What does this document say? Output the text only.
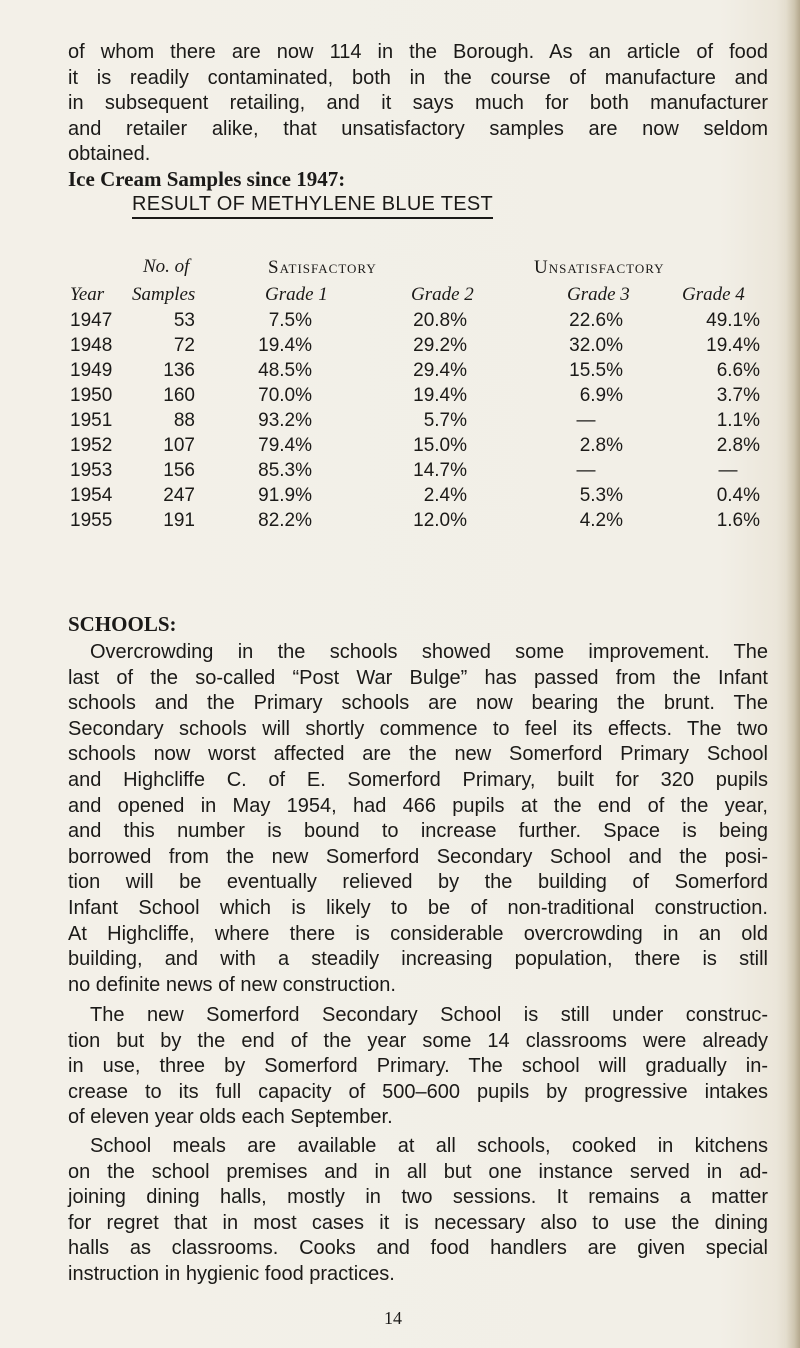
of whom there are now 114 in the Borough. As an article of food
it is readily contaminated, both in the course of manufacture and
in subsequent retailing, and it says much for both manufacturer
and retailer alike, that unsatisfactory samples are now seldom
obtained.
Ice Cream Samples since 1947:
RESULT OF METHYLENE BLUE TEST
No. of	Satisfactory	Unsatisfactory
Year Samples	Grade 1	Grade 2	Grade 3	Grade 4
1947	53	7.5%	20.8%	22.6%	49.1%
1948	72	19.4%	29.2%	32.0%	19.4%
1949	136	48.5%	29.4%	15.5%	6.6%
1950	160	70.0%	19.4%	6.9%	3.7%
1951	88	93.2%	5.7%	—	1.1%
1952	107	79.4%	15.0%	2.8%	2.8%
1953	156	85.3%	14.7%	—	—
1954	247	91.9%	2.4%	5.3%	0.4%
1955	191	82.2%	12.0%	4.2%	1.6%
SCHOOLS:
Overcrowding in the schools showed some improvement. The
last of the so-called “Post War Bulge” has passed from the Infant
schools and the Primary schools are now bearing the brunt. The
Secondary schools will shortly commence to feel its effects. The two
schools now worst affected are the new Somerford Primary School
and Highcliffe C. of E. Somerford Primary, built for 320 pupils
and opened in May 1954, had 466 pupils at the end of the year,
and this number is bound to increase further. Space is being
borrowed from the new Somerford Secondary School and the posi-
tion will be eventually relieved by the building of Somerford
Infant School which is likely to be of non-traditional construction.
At Highcliffe, where there is considerable overcrowding in an old
building, and with a steadily increasing population, there is still
no definite news of new construction.
The new Somerford Secondary School is still under construc-
tion but by the end of the year some 14 classrooms were already
in use, three by Somerford Primary. The school will gradually in-
crease to its full capacity of 500–600 pupils by progressive intakes
of eleven year olds each September.
School meals are available at all schools, cooked in kitchens
on the school premises and in all but one instance served in ad-
joining dining halls, mostly in two sessions. It remains a matter
for regret that in most cases it is necessary also to use the dining
halls as classrooms. Cooks and food handlers are given special
instruction in hygienic food practices.
14
